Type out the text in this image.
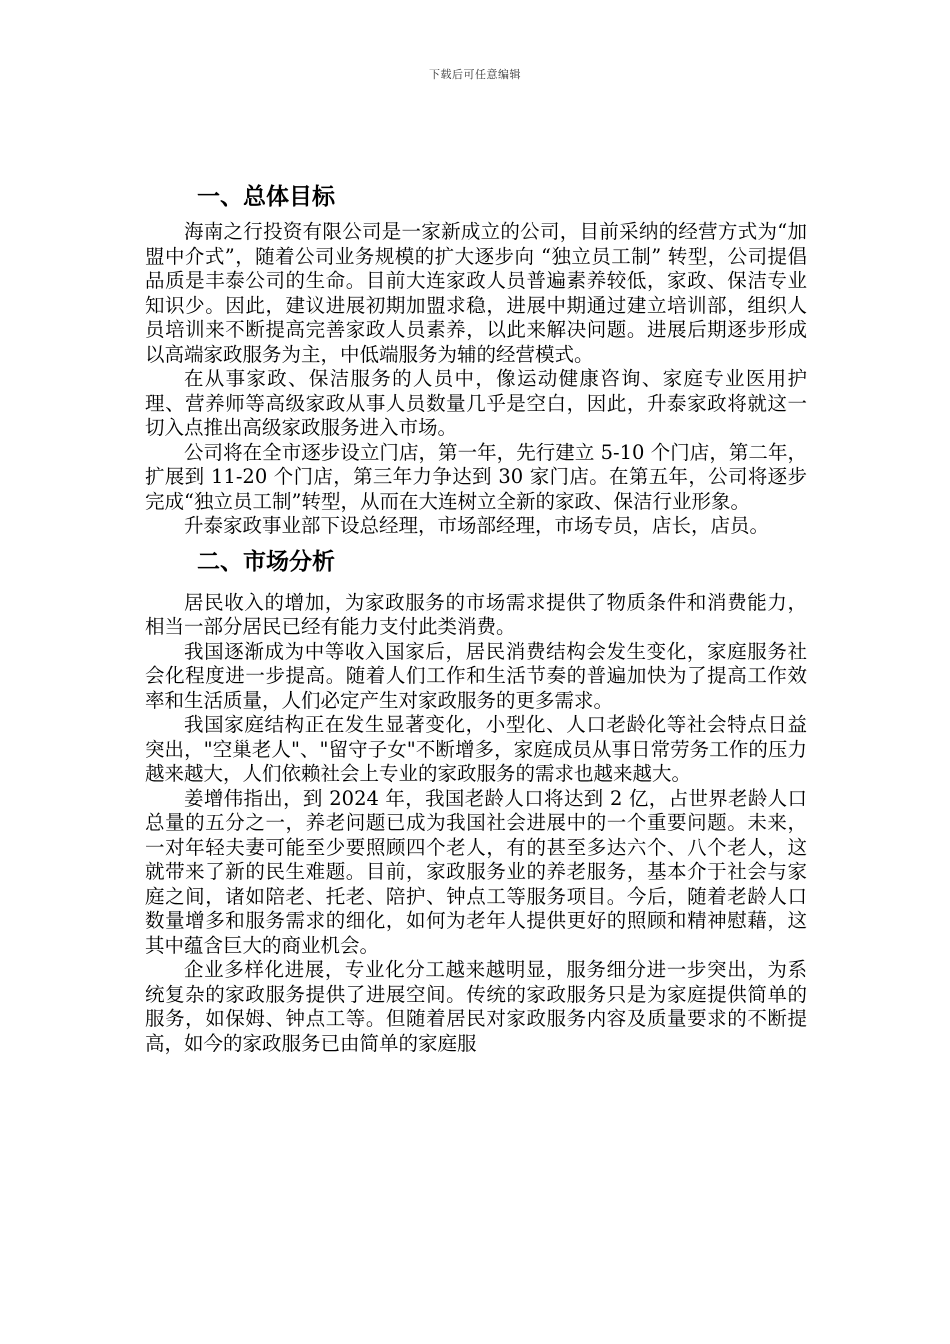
下载后可任意编辑
一、总体目标

海南之行投资有限公司是一家新成立的公司，目前采纳的经营方式为“加盟中介式”，随着公司业务规模的扩大逐步向 “独立员工制” 转型，公司提倡品质是丰泰公司的生命。目前大连家政人员普遍素养较低，家政、保洁专业知识少。因此，建议进展初期加盟求稳，进展中期通过建立培训部，组织人员培训来不断提高完善家政人员素养，以此来解决问题。进展后期逐步形成以高端家政服务为主，中低端服务为辅的经营模式。

在从事家政、保洁服务的人员中，像运动健康咨询、家庭专业医用护理、营养师等高级家政从事人员数量几乎是空白，因此，升泰家政将就这一切入点推出高级家政服务进入市场。

公司将在全市逐步设立门店，第一年，先行建立 5-10 个门店，第二年，扩展到 11-20 个门店，第三年力争达到 30 家门店。在第五年，公司将逐步完成“独立员工制”转型，从而在大连树立全新的家政、保洁行业形象。

升泰家政事业部下设总经理，市场部经理，市场专员，店长，店员。

二、市场分析

居民收入的增加，为家政服务的市场需求提供了物质条件和消费能力，相当一部分居民已经有能力支付此类消费。

我国逐渐成为中等收入国家后，居民消费结构会发生变化，家庭服务社会化程度进一步提高。随着人们工作和生活节奏的普遍加快为了提高工作效率和生活质量，人们必定产生对家政服务的更多需求。

我国家庭结构正在发生显著变化，小型化、人口老龄化等社会特点日益突出，"空巢老人"、"留守子女"不断增多，家庭成员从事日常劳务工作的压力越来越大，人们依赖社会上专业的家政服务的需求也越来越大。

姜增伟指出，到 2024 年，我国老龄人口将达到 2 亿，占世界老龄人口总量的五分之一，养老问题已成为我国社会进展中的一个重要问题。未来，一对年轻夫妻可能至少要照顾四个老人，有的甚至多达六个、八个老人，这就带来了新的民生难题。目前，家政服务业的养老服务，基本介于社会与家庭之间，诸如陪老、托老、陪护、钟点工等服务项目。今后，随着老龄人口数量增多和服务需求的细化，如何为老年人提供更好的照顾和精神慰藉，这其中蕴含巨大的商业机会。

企业多样化进展，专业化分工越来越明显，服务细分进一步突出，为系统复杂的家政服务提供了进展空间。传统的家政服务只是为家庭提供简单的服务，如保姆、钟点工等。但随着居民对家政服务内容及质量要求的不断提高，如今的家政服务已由简单的家庭服
